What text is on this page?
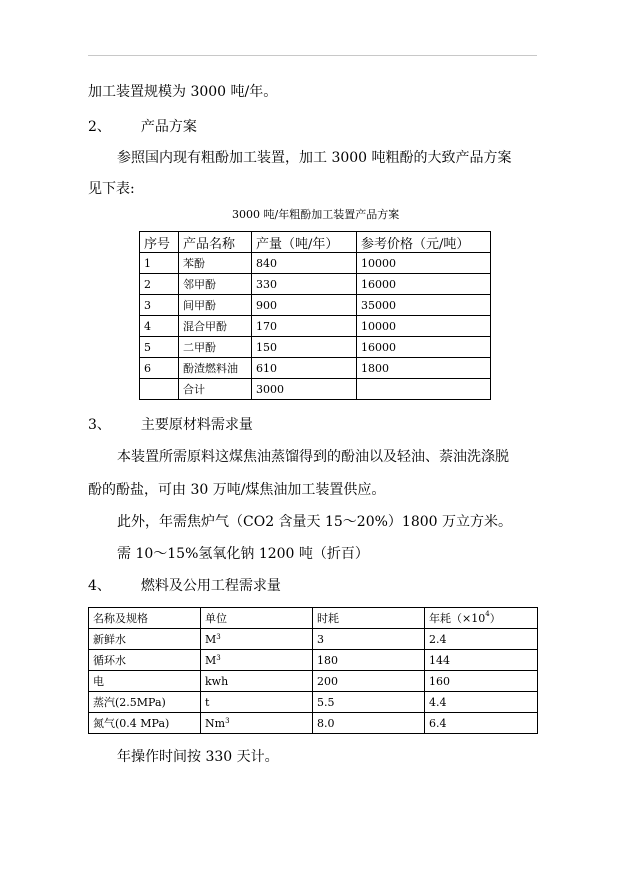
加工装置规模为 3000 吨/年。
2、 产品方案
参照国内现有粗酚加工装置，加工 3000 吨粗酚的大致产品方案
见下表:
3000 吨/年粗酚加工装置产品方案
序号	产品名称	产量（吨/年）	参考价格（元/吨）
1	苯酚	840	10000
2	邻甲酚	330	16000
3	间甲酚	900	35000
4	混合甲酚	170	10000
5	二甲酚	150	16000
6	酚渣燃料油	610	1800
	合计	3000	
3、 主要原材料需求量
本装置所需原料这煤焦油蒸馏得到的酚油以及轻油、萘油洗涤脱
酚的酚盐，可由 30 万吨/煤焦油加工装置供应。
此外，年需焦炉气（CO2 含量天 15～20%）1800 万立方米。
需 10～15%氢氧化钠 1200 吨（折百）
4、 燃料及公用工程需求量
名称及规格	单位	时耗	年耗$(\times 10^4)$
新鲜水	$M^3$	3	2.4
循环水	$M^3$	180	144
电	kwh	200	160
蒸汽(2.5MPa)	t	5.5	4.4
氮气(0.4 MPa)	Nm$^3$	8.0	6.4
年操作时间按 330 天计。
